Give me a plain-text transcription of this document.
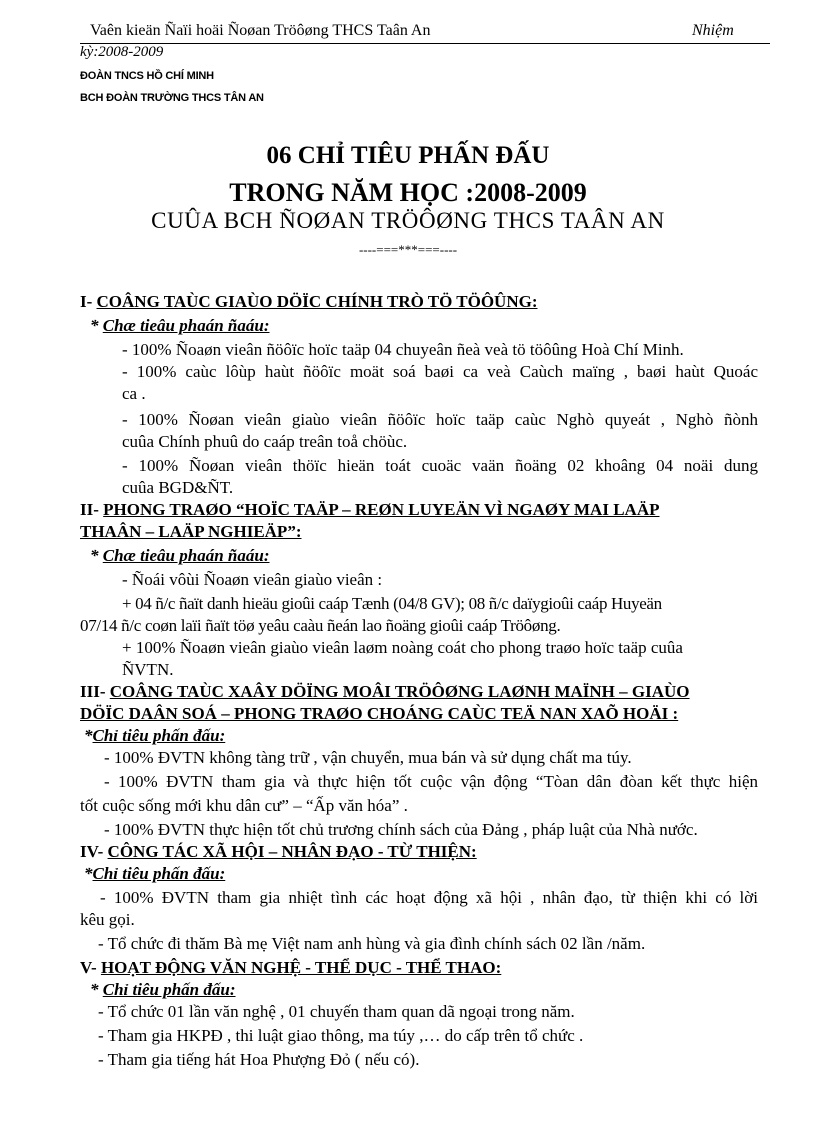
Vaên kieän Ñaïi hoäi Ñoøan Tröôøng THCS Taân An	Nhiệm
kỳ:2008-2009
ĐOÀN TNCS HỒ CHÍ MINH
BCH ĐOÀN TRƯỜNG THCS TÂN AN
06 CHỈ TIÊU PHẤN ĐẤU
TRONG NĂM HỌC :2008-2009
CUÛA BCH ÑOØAN TRÖÔØNG THCS TAÂN AN
----===***===----
I- COÂNG TAÙC GIAÙO DÖÏC CHÍNH TRÒ TÖ TÖÔÛNG:
* Chæ tieâu phaán ñaáu:
- 100% Ñoaøn vieân ñöôïc hoïc taäp 04 chuyeân ñeà veà tö töôûng Hoà Chí Minh.
- 100% caùc lôùp haùt ñöôïc moät soá baøi ca veà Caùch maïng , baøi haùt Quoác
ca .
- 100% Ñoøan vieân giaùo vieân ñöôïc hoïc taäp caùc Nghò quyeát , Nghò ñònh
cuûa Chính phuû do caáp treân toå chöùc.
- 100% Ñoøan vieân thöïc hieän toát cuoäc vaän ñoäng 02 khoâng 04 noäi dung
cuûa BGD&ÑT.
II- PHONG TRAØO “HOÏC TAÄP – REØN LUYEÄN VÌ NGAØY MAI LAÄP
THAÂN – LAÄP NGHIEÄP”:
* Chæ tieâu phaán ñaáu:
- Ñoái vôùi Ñoaøn vieân giaùo vieân :
+ 04 ñ/c ñaït danh hieäu gioûi caáp Tænh (04/8 GV); 08 ñ/c daïygioûi caáp Huyeän
07/14 ñ/c coøn laïi ñaït töø yeâu caàu ñeán lao ñoäng gioûi caáp Tröôøng.
+ 100% Ñoaøn vieân giaùo vieân laøm noàng coát cho phong traøo hoïc taäp cuûa
ÑVTN.
III- COÂNG TAÙC XAÂY DÖÏNG MOÂI TRÖÔØNG LAØNH MAÏNH – GIAÙO
DÖÏC DAÂN SOÁ – PHONG TRAØO CHOÁNG CAÙC TEÄ NAN XAÕ HOÄI :
*Chỉ tiêu phấn đấu:
- 100% ĐVTN không tàng trữ , vận chuyển, mua bán và sử dụng chất ma túy.
- 100% ĐVTN tham gia và thực hiện tốt cuộc vận động “Tòan dân đòan kết thực hiện
tốt cuộc sống mới khu dân cư” – “Ấp văn hóa” .
- 100% ĐVTN thực hiện tốt chủ trương chính sách của Đảng , pháp luật của Nhà nước.
IV- CÔNG TÁC XÃ HỘI – NHÂN ĐẠO - TỪ THIỆN:
*Chỉ tiêu phấn đấu:
- 100% ĐVTN tham gia nhiệt tình các hoạt động xã hội , nhân đạo, từ thiện khi có lời
kêu gọi.
- Tổ chức đi thăm Bà mẹ Việt nam anh hùng và gia đình chính sách 02 lần /năm.
V- HOẠT ĐỘNG VĂN NGHỆ - THỂ DỤC - THỂ THAO:
* Chỉ tiêu phấn đấu:
- Tổ chức 01 lần văn nghệ , 01 chuyến tham quan dã ngoại trong năm.
- Tham gia HKPĐ , thi luật giao thông, ma túy ,… do cấp trên tổ chức .
- Tham gia tiếng hát Hoa Phượng Đỏ ( nếu có).
